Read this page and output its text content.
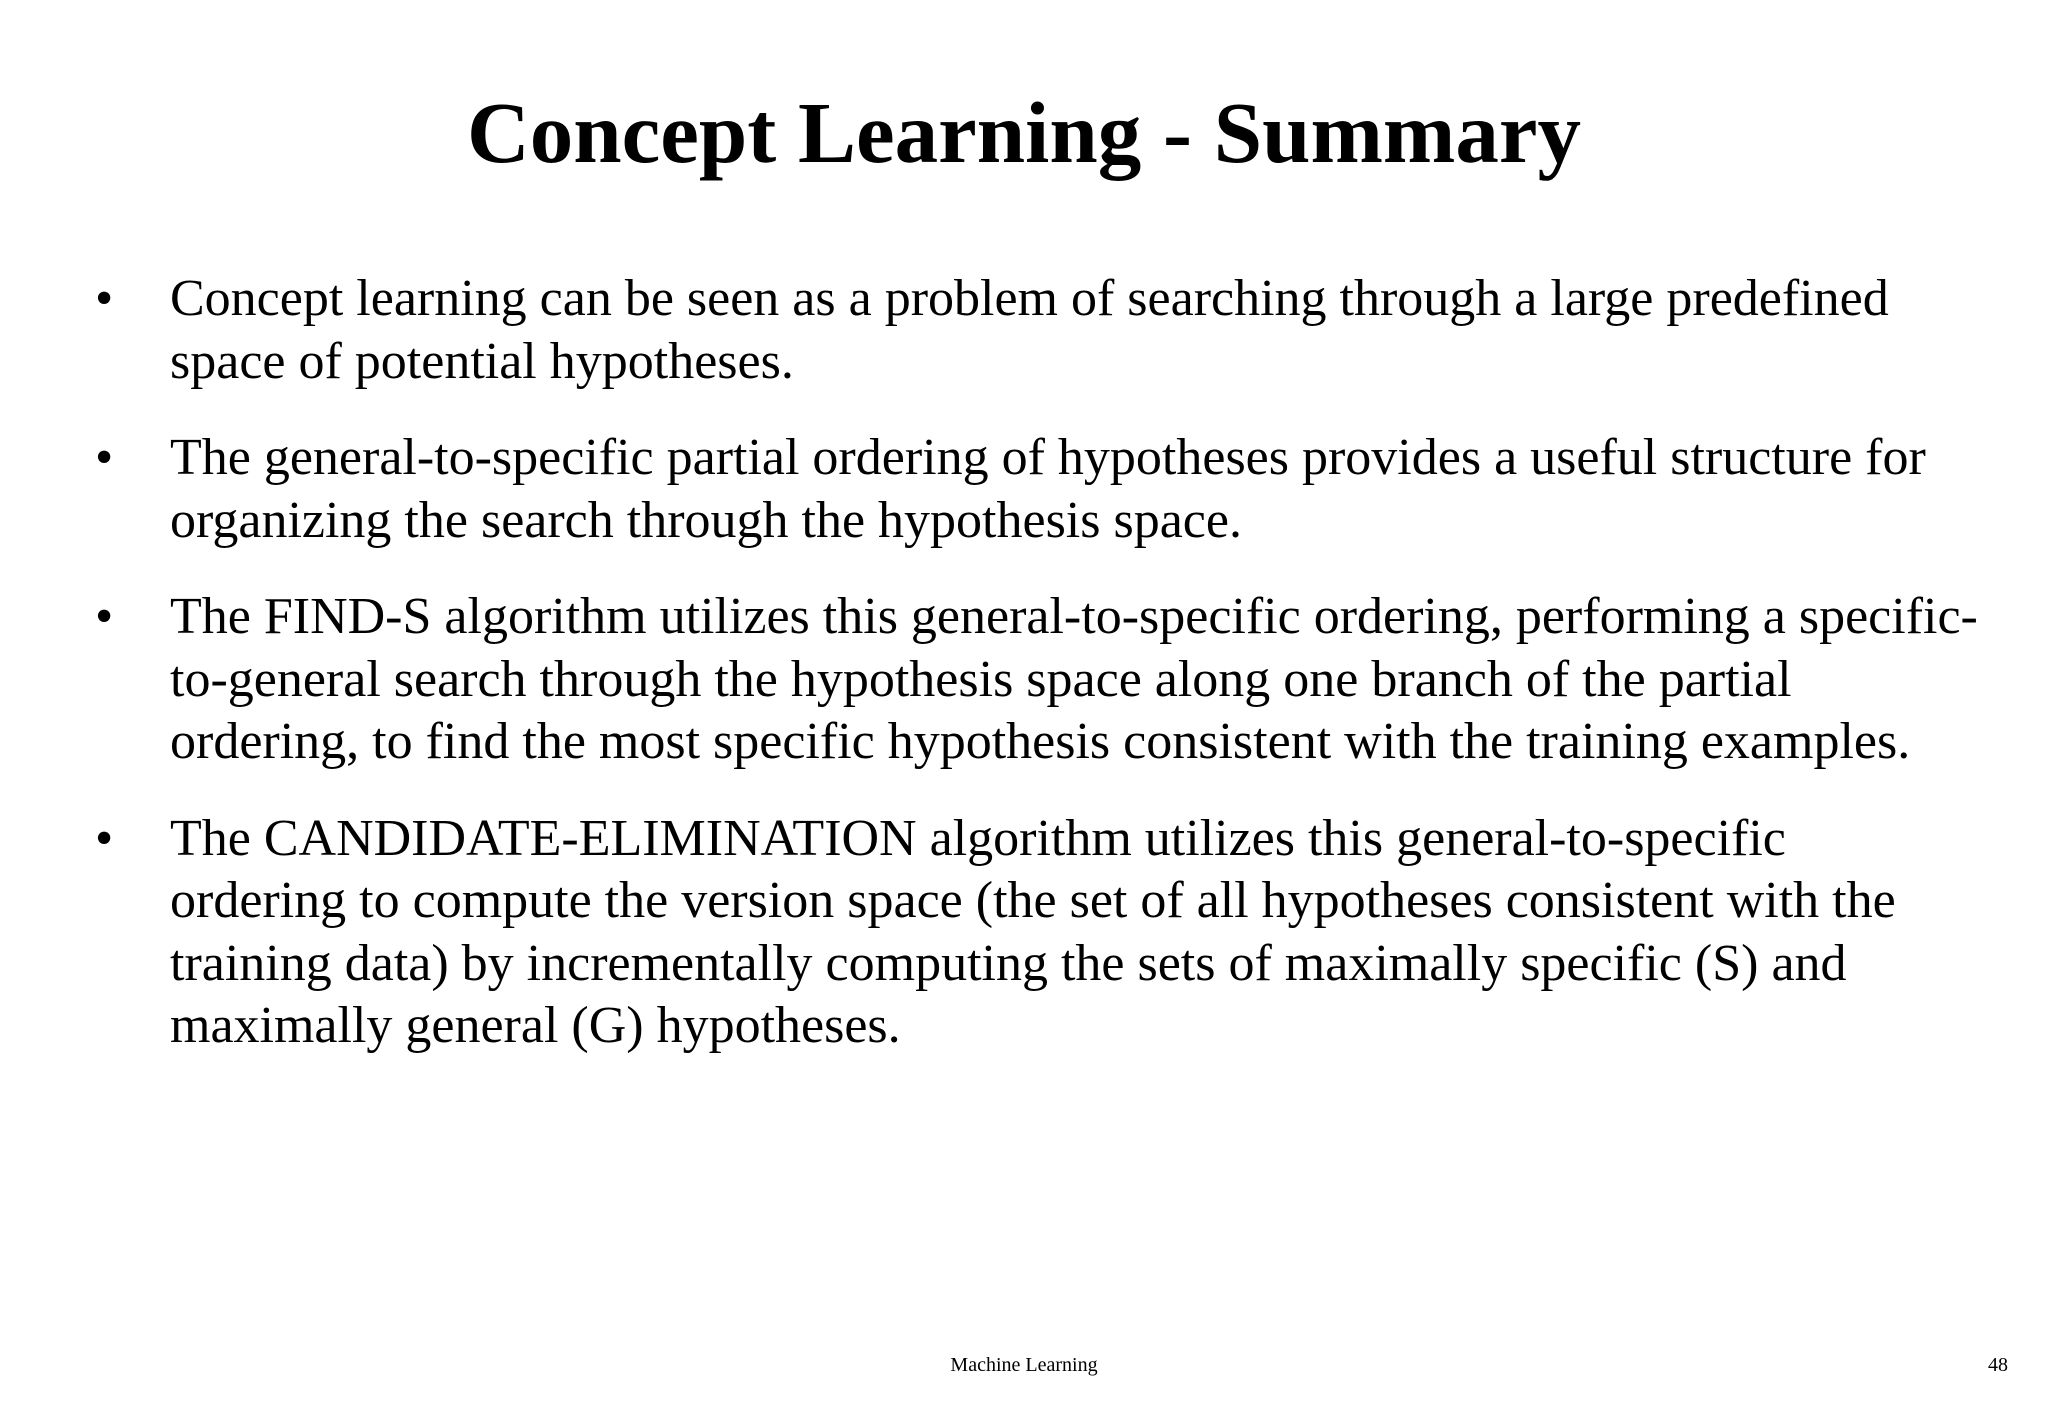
Concept Learning - Summary
• Concept learning can be seen as a problem of searching through a large predefined
space of potential hypotheses.
• The general-to-specific partial ordering of hypotheses provides a useful structure for
organizing the search through the hypothesis space.
• The FIND-S algorithm utilizes this general-to-specific ordering, performing a specific-
to-general search through the hypothesis space along one branch of the partial
ordering, to find the most specific hypothesis consistent with the training examples.
• The CANDIDATE-ELIMINATION algorithm utilizes this general-to-specific
ordering to compute the version space (the set of all hypotheses consistent with the
training data) by incrementally computing the sets of maximally specific (S) and
maximally general (G) hypotheses.
Machine Learning	48
